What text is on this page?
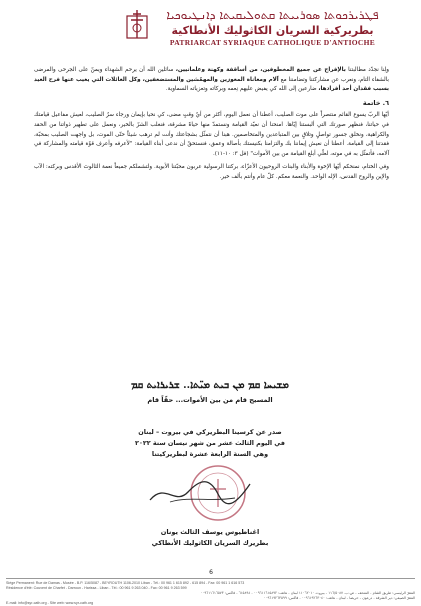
ܦܛܪܝܪܟܘܬܐ ܣܘܪܝܝܬܐ ܩܬܘܠܝܩܝܬܐ ܕܐܢܛܝܘܟܝܐ
بطريركية السريان الكاثوليك الأنطاكية
PATRIARCAT SYRIAQUE CATHOLIQUE D'ANTIOCHE

ولِنا نجدّد مطالبتنا بالإفراج عن جميع المخطوفين، من أساقفة وكهنة وعلمانيين، سائلين الله أن يرحم الشهداء ويمنّ على الجرحى والمرضى بالشفاء التام، ونعرب عن مشاركتنا وتضامننا مع آلام ومعاناة المعوزين والمهمّشين والمستضعفين، وكل العائلات التي يغيب عنها فرح العيد بسبب فقدان أحد أفرادها، ضارعين إلى الله كي يفيض عليهم نِعمه وبركاته وتعزياته السماوية.

٦. خاتمة

أيّها الربّ يسوع القائم منتصراً على موت الصليب، أعطنا أن نعمل اليوم، أكثر من أيّ وقتٍ مضى، كي نحيا بإيمان ورجاء سرّ الصليب، لعيش مفاعيل قيامتك في حياتنا، فنظهر صورتك التي ألبستنا إيّاها. امنحنا أن نعيّد القيامة ونستمدّ منها حياةً مشرقة، فنغلب الشرّ بالخير، ونعمل على تطهير ذواتنا من الحقد والكراهية، ونخلق جسور تواصلٍ وتلاقٍ بين المتباعدين والمتخاصمين. هبنا أن نتمثّل بشجاعتك وأنت لم ترهب شيئاً حتّى الموت، بل واجهت الصليب بمحبّة، فقدتنا إلى القيامة. أعطنا أن نعيش إيماننا بك والتزامنا بكنيستك بأصالة وعمق، فنستحقّ أن ندعى أبناء القيامة: "لأعرفه وأعرف قوّة قيامته والمشاركة في آلامه، فأتمثّل به في موته، لعلّي أبلغ القيامة من بين الأموات" (فل ٣: ١٠-١١).

وفي الختام، نمنحكم أيّها الإخوة والأبناء والبنات الروحيون الأعزّاء، بركتنا الرسولية عربون محبّتنا الأبوية. ولتشملكم جميعاً نعمة الثالوث الأقدس وبركته: الآب والإبن والروح القدس، الإله الواحد. والنعمة معكم. كلّ عام وأنتم بألف خير.

ܡܫܝܚܐ ܩܡ ܡܢ ܒܝܬ ܡܝ̈ܬܐ.. ܫܪܝܪܐܝܬ ܩܡ
المسيح قام من بين الأموات... حقّاً قام
صدر عن كرسينا البطريركي في بيروت – لبنان
في اليوم الثالث عشر من شهر نيسان سنة ٢٠٢٢
وهي السنة الرابعة عشرة لبطريركيتنا
اغناطيوس يوسف الثالث يونان
بطريرك السريان الكاثوليك الأنطاكي
6
Siège Permanent: Rue de Damas - Musée - B.P. 116/5087 - BEYROUTH 1106-2010 Liban - Tél.: 00 961 1 615 892 - 615 894 - Fax: 00 961 1 616 573
Résidence d'été: Couvent de Charfet - Darroun - Harissa - Liban - Tél.: 00 961 9 263 040 - Fax: 00 961 9 263 599
المقرّ الرئيسي: طريق الشام - المتحف - ص.ب. ١١٦/٥٠٨٧ - بيروت ١١٠٦٢٠١٠ لبنان - هاتف: ٠٠٩٦١١٦١٥٨٩٢ - ٦١٥٨٩٤ - فاكس: ٠٠٩٦١١٦١٦٥٧٣
المقرّ الصيفي: دير الشرفة - درعون - حريصا - لبنان - هاتف: ٠٠٩٦١٩٢٦٣٠٤٠ - فاكس: ٠٠٩٦١٩٢٦٣٥٩٩
E-mail: info@syr-cath.org - Site web: www.syr-cath.org
